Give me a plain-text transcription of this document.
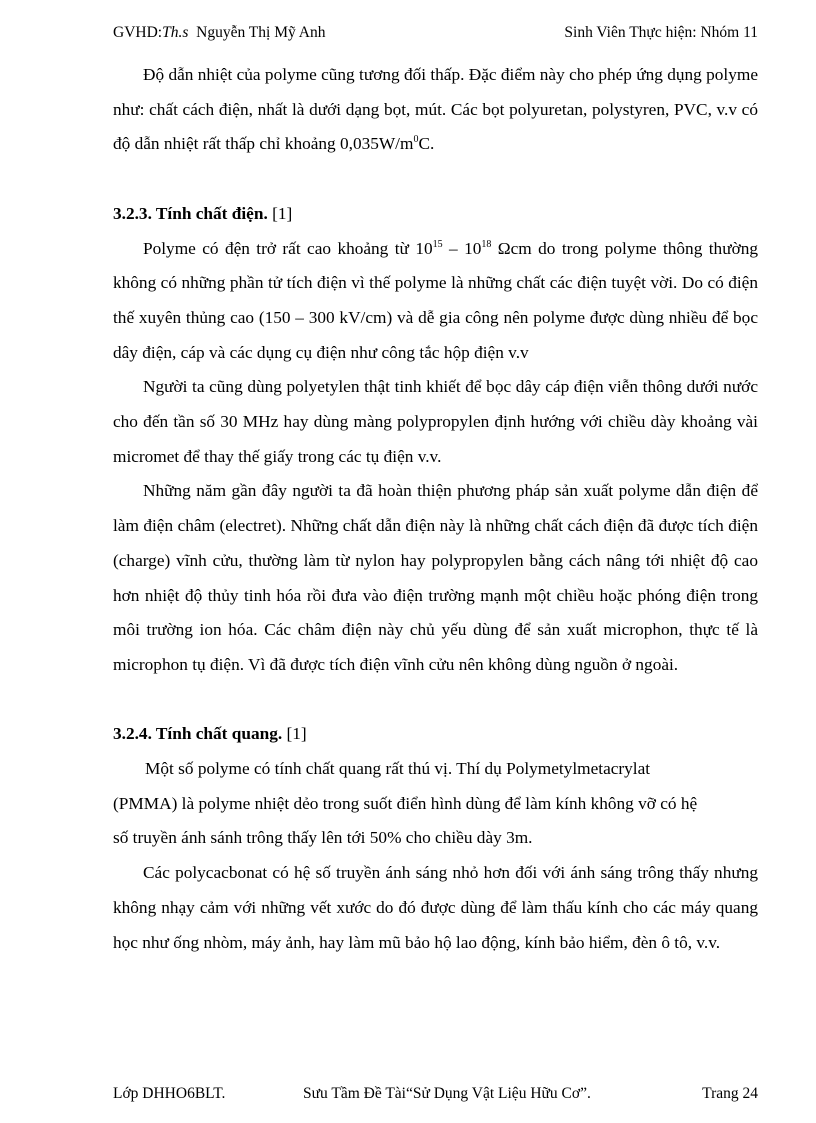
GVHD:Th.s Nguyễn Thị Mỹ Anh	Sinh Viên Thực hiện: Nhóm 11

Độ dẫn nhiệt của polyme cũng tương đối thấp. Đặc điểm này cho phép ứng dụng polyme như: chất cách điện, nhất là dưới dạng bọt, mút. Các bọt polyuretan, polystyren, PVC, v.v có độ dẫn nhiệt rất thấp chỉ khoảng $0,035W/m^0C$.

3.2.3. Tính chất điện. [1]

Polyme có đện trở rất cao khoảng từ $10^{15} - 10^{18}$ Ωcm do trong polyme thông thường không có những phần tử tích điện vì thế polyme là những chất các điện tuyệt vời. Do có điện thế xuyên thủng cao (150 – 300 kV/cm) và dễ gia công nên polyme được dùng nhiều để bọc dây điện, cáp và các dụng cụ điện như công tắc hộp điện v.v

Người ta cũng dùng polyetylen thật tinh khiết để bọc dây cáp điện viễn thông dưới nước cho đến tần số 30 MHz hay dùng màng polypropylen định hướng với chiều dày khoảng vài micromet để thay thế giấy trong các tụ điện v.v.

Những năm gần đây người ta đã hoàn thiện phương pháp sản xuất polyme dẫn điện để làm điện châm (electret). Những chất dẫn điện này là những chất cách điện đã được tích điện (charge) vĩnh cửu, thường làm từ nylon hay polypropylen bằng cách nâng tới nhiệt độ cao hơn nhiệt độ thủy tinh hóa rồi đưa vào điện trường mạnh một chiều hoặc phóng điện trong môi trường ion hóa. Các châm điện này chủ yếu dùng để sản xuất microphon, thực tế là microphon tụ điện. Vì đã được tích điện vĩnh cửu nên không dùng nguồn ở ngoài.

3.2.4. Tính chất quang. [1]

Một số polyme có tính chất quang rất thú vị. Thí dụ Polymetylmetacrylat

(PMMA) là polyme nhiệt dẻo trong suốt điển hình dùng để làm kính không vỡ có hệ

số truyền ánh sánh trông thấy lên tới 50% cho chiều dày 3m.

Các polycacbonat có hệ số truyền ánh sáng nhỏ hơn đối với ánh sáng trông thấy nhưng không nhạy cảm với những vết xước do đó được dùng để làm thấu kính cho các máy quang học như ống nhòm, máy ảnh, hay làm mũ bảo hộ lao động, kính bảo hiểm, đèn ô tô, v.v.

Lớp DHHO6BLT.	Sưu Tầm Đề Tài“Sử Dụng Vật Liệu Hữu Cơ”.	Trang 24
